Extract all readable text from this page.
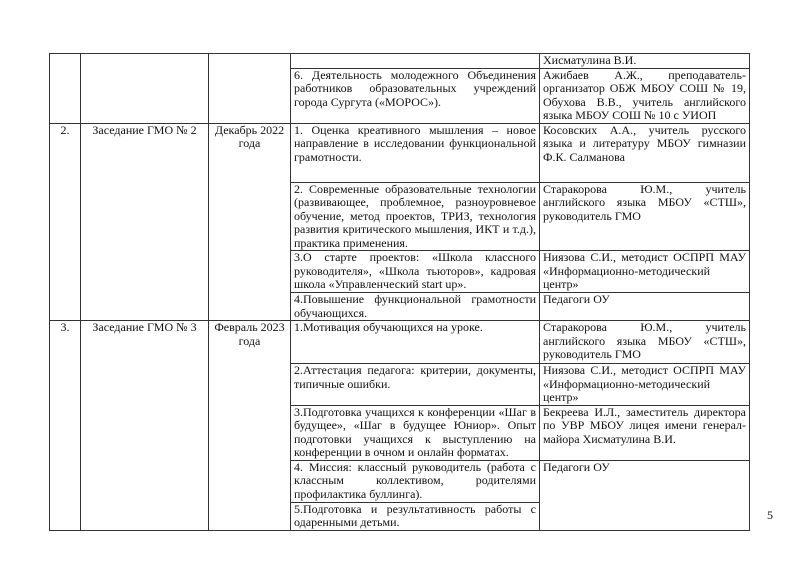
				Хисматулина В.И.
			6. Деятельность молодежного Объединения работников образовательных учреждений города Сургута («МОРОС»).	Ажибаев А.Ж., преподаватель-организатор ОБЖ МБОУ СОШ № 19, Обухова В.В., учитель английского языка МБОУ СОШ № 10 с УИОП
2.	Заседание ГМО № 2	Декабрь 2022 года	1. Оценка креативного мышления – новое направление в исследовании функциональной грамотности.	Косовских А.А., учитель русского языка и литературу МБОУ гимназии Ф.К. Салманова
			2. Современные образовательные технологии (развивающее, проблемное, разноуровневое обучение, метод проектов, ТРИЗ, технология развития критического мышления, ИКТ и т.д.), практика применения.	Старакорова Ю.М., учитель английского языка МБОУ «СТШ», руководитель ГМО
			3.О старте проектов: «Школа классного руководителя», «Школа тьюторов», кадровая школа «Управленческий start up».	Ниязова С.И., методист ОСПРП МАУ «Информационно-методический центр»
			4.Повышение функциональной грамотности обучающихся.	Педагоги ОУ
3.	Заседание ГМО № 3	Февраль 2023 года	1.Мотивация обучающихся на уроке.	Старакорова Ю.М., учитель английского языка МБОУ «СТШ», руководитель ГМО
			2.Аттестация педагога: критерии, документы, типичные ошибки.	Ниязова С.И., методист ОСПРП МАУ «Информационно-методический центр»
			3.Подготовка учащихся к конференции «Шаг в будущее», «Шаг в будущее Юниор». Опыт подготовки учащихся к выступлению на конференции в очном и онлайн форматах.	Бекреева И.Л., заместитель директора по УВР МБОУ лицея имени генерал-майора Хисматулина В.И.
			4. Миссия: классный руководитель (работа с классным коллективом, родителями профилактика буллинга).	Педагоги ОУ
			5.Подготовка и результативность работы с одаренными детьми.		5
